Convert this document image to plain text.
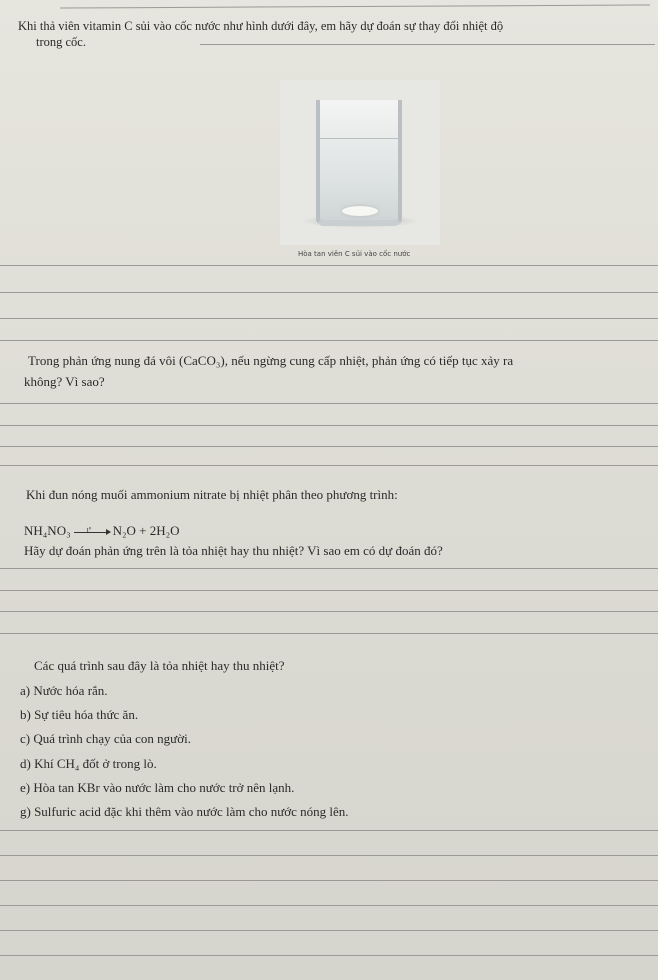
Khi thả viên vitamin C sủi vào cốc nước như hình dưới đây, em hãy dự đoán sự thay đổi nhiệt độ
trong cốc.
Hòa tan viên C sủi vào cốc nước
Trong phản ứng nung đá vôi (CaCO₃), nếu ngừng cung cấp nhiệt, phản ứng có tiếp tục xảy ra
không? Vì sao?
Khi đun nóng muối ammonium nitrate bị nhiệt phân theo phương trình:
NH₄NO₃ t° N₂O + 2H₂O
Hãy dự đoán phản ứng trên là tỏa nhiệt hay thu nhiệt? Vì sao em có dự đoán đó?
Các quá trình sau đây là tỏa nhiệt hay thu nhiệt?
a) Nước hóa rắn.
b) Sự tiêu hóa thức ăn.
c) Quá trình chạy của con người.
d) Khí CH₄ đốt ở trong lò.
e) Hòa tan KBr vào nước làm cho nước trở nên lạnh.
g) Sulfuric acid đặc khi thêm vào nước làm cho nước nóng lên.
